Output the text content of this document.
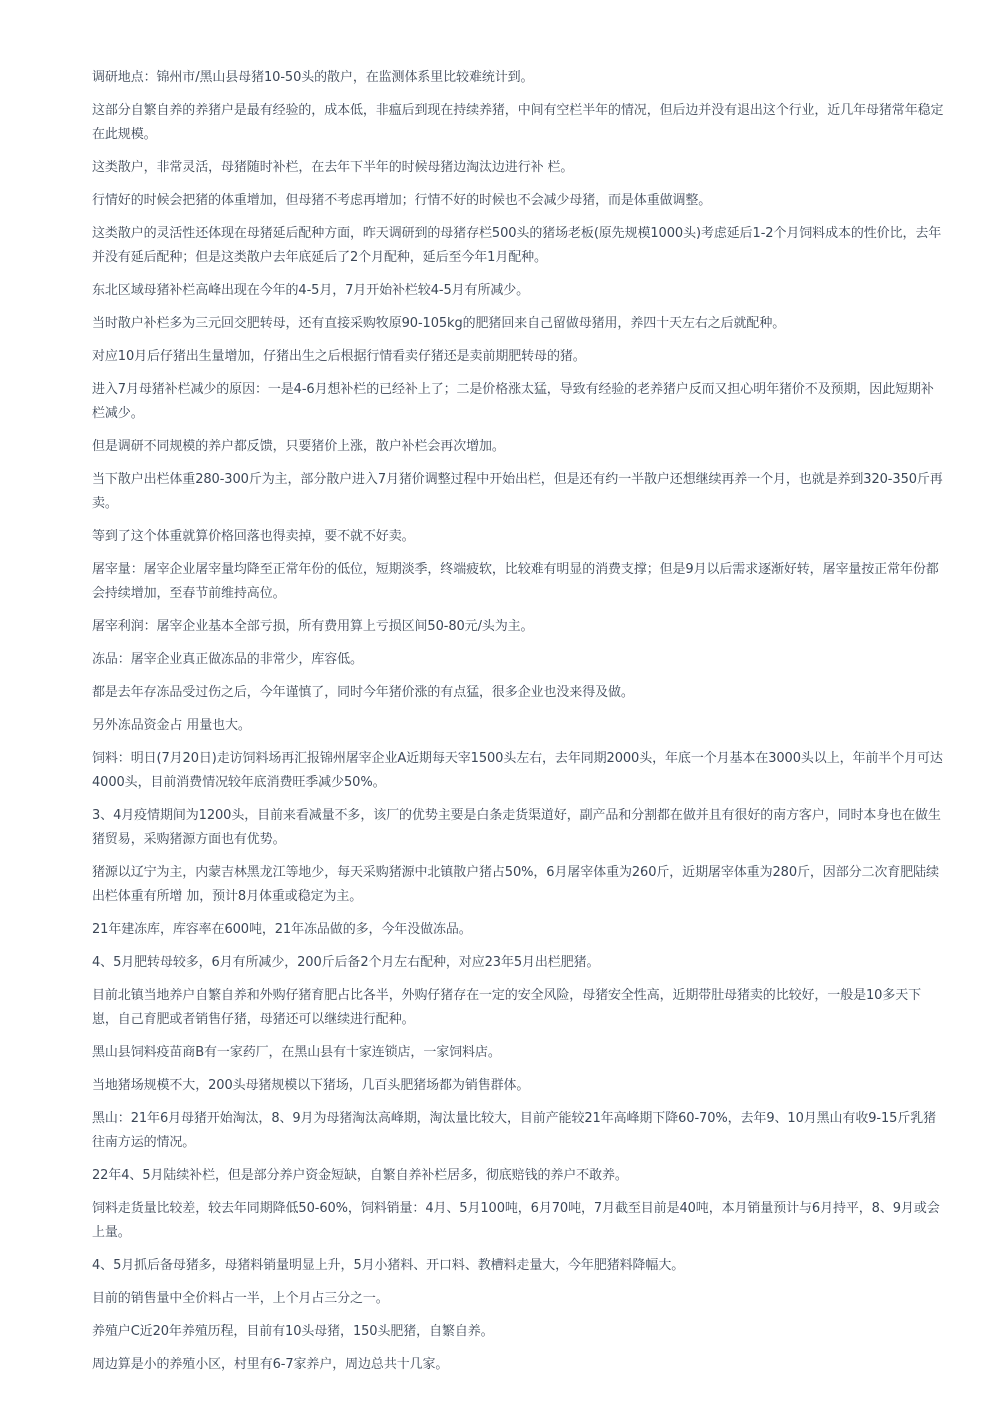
调研地点：锦州市/黑山县母猪10-50头的散户，在监测体系里比较难统计到。

这部分自繁自养的养猪户是最有经验的，成本低，非瘟后到现在持续养猪，中间有空栏半年的情况，但后边并没有退出这个行业，近几年母猪常年稳定在此规模。

这类散户，非常灵活，母猪随时补栏，在去年下半年的时候母猪边淘汰边进行补 栏。

行情好的时候会把猪的体重增加，但母猪不考虑再增加；行情不好的时候也不会减少母猪，而是体重做调整。

这类散户的灵活性还体现在母猪延后配种方面，昨天调研到的母猪存栏500头的猪场老板(原先规模1000头)考虑延后1-2个月饲料成本的性价比，去年并没有延后配种；但是这类散户去年底延后了2个月配种，延后至今年1月配种。

东北区域母猪补栏高峰出现在今年的4-5月，7月开始补栏较4-5月有所减少。

当时散户补栏多为三元回交肥转母，还有直接采购牧原90-105kg的肥猪回来自己留做母猪用，养四十天左右之后就配种。

对应10月后仔猪出生量增加，仔猪出生之后根据行情看卖仔猪还是卖前期肥转母的猪。

进入7月母猪补栏减少的原因：一是4-6月想补栏的已经补上了；二是价格涨太猛，导致有经验的老养猪户反而又担心明年猪价不及预期，因此短期补栏减少。

但是调研不同规模的养户都反馈，只要猪价上涨，散户补栏会再次增加。

当下散户出栏体重280-300斤为主，部分散户进入7月猪价调整过程中开始出栏，但是还有约一半散户还想继续再养一个月，也就是养到320-350斤再卖。

等到了这个体重就算价格回落也得卖掉，要不就不好卖。

屠宰量：屠宰企业屠宰量均降至正常年份的低位，短期淡季，终端疲软，比较难有明显的消费支撑；但是9月以后需求逐渐好转，屠宰量按正常年份都会持续增加，至春节前维持高位。

屠宰利润：屠宰企业基本全部亏损，所有费用算上亏损区间50-80元/头为主。

冻品：屠宰企业真正做冻品的非常少，库容低。

都是去年存冻品受过伤之后，今年谨慎了，同时今年猪价涨的有点猛，很多企业也没来得及做。

另外冻品资金占 用量也大。

饲料：明日(7月20日)走访饲料场再汇报锦州屠宰企业A近期每天宰1500头左右，去年同期2000头，年底一个月基本在3000头以上，年前半个月可达4000头，目前消费情况较年底消费旺季减少50%。

3、4月疫情期间为1200头，目前来看减量不多，该厂的优势主要是白条走货渠道好，副产品和分割都在做并且有很好的南方客户，同时本身也在做生猪贸易，采购猪源方面也有优势。

猪源以辽宁为主，内蒙吉林黑龙江等地少，每天采购猪源中北镇散户猪占50%，6月屠宰体重为260斤，近期屠宰体重为280斤，因部分二次育肥陆续出栏体重有所增 加，预计8月体重或稳定为主。

21年建冻库，库容率在600吨，21年冻品做的多，今年没做冻品。

4、5月肥转母较多，6月有所减少，200斤后备2个月左右配种，对应23年5月出栏肥猪。

目前北镇当地养户自繁自养和外购仔猪育肥占比各半，外购仔猪存在一定的安全风险，母猪安全性高，近期带肚母猪卖的比较好，一般是10多天下崽，自己育肥或者销售仔猪，母猪还可以继续进行配种。

黑山县饲料疫苗商B有一家药厂，在黑山县有十家连锁店，一家饲料店。

当地猪场规模不大，200头母猪规模以下猪场，几百头肥猪场都为销售群体。

黑山：21年6月母猪开始淘汰，8、9月为母猪淘汰高峰期，淘汰量比较大，目前产能较21年高峰期下降60-70%，去年9、10月黑山有收9-15斤乳猪往南方运的情况。

22年4、5月陆续补栏，但是部分养户资金短缺，自繁自养补栏居多，彻底赔钱的养户不敢养。

饲料走货量比较差，较去年同期降低50-60%，饲料销量：4月、5月100吨，6月70吨，7月截至目前是40吨，本月销量预计与6月持平，8、9月或会上量。

4、5月抓后备母猪多，母猪料销量明显上升，5月小猪料、开口料、教槽料走量大，今年肥猪料降幅大。

目前的销售量中全价料占一半，上个月占三分之一。

养殖户C近20年养殖历程，目前有10头母猪，150头肥猪，自繁自养。

周边算是小的养殖小区，村里有6-7家养户，周边总共十几家。
